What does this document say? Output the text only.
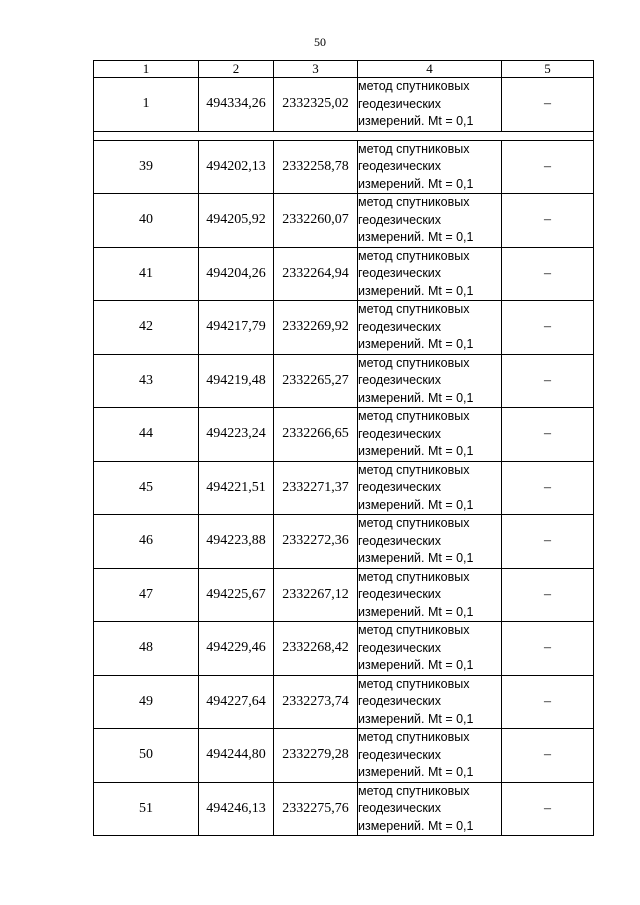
50
1	2	3	4	5
1	494334,26	2332325,02	метод спутниковых
геодезических
измерений. Mt = 0,1	–

39	494202,13	2332258,78	метод спутниковых
геодезических
измерений. Mt = 0,1	–
40	494205,92	2332260,07	метод спутниковых
геодезических
измерений. Mt = 0,1	–
41	494204,26	2332264,94	метод спутниковых
геодезических
измерений. Mt = 0,1	–
42	494217,79	2332269,92	метод спутниковых
геодезических
измерений. Mt = 0,1	–
43	494219,48	2332265,27	метод спутниковых
геодезических
измерений. Mt = 0,1	–
44	494223,24	2332266,65	метод спутниковых
геодезических
измерений. Mt = 0,1	–
45	494221,51	2332271,37	метод спутниковых
геодезических
измерений. Mt = 0,1	–
46	494223,88	2332272,36	метод спутниковых
геодезических
измерений. Mt = 0,1	–
47	494225,67	2332267,12	метод спутниковых
геодезических
измерений. Mt = 0,1	–
48	494229,46	2332268,42	метод спутниковых
геодезических
измерений. Mt = 0,1	–
49	494227,64	2332273,74	метод спутниковых
геодезических
измерений. Mt = 0,1	–
50	494244,80	2332279,28	метод спутниковых
геодезических
измерений. Mt = 0,1	–
51	494246,13	2332275,76	метод спутниковых
геодезических
измерений. Mt = 0,1	–
